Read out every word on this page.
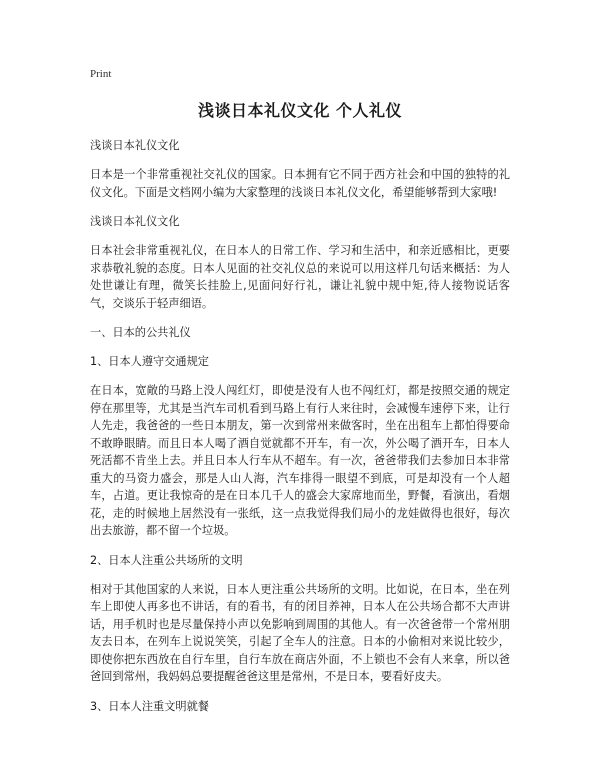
Print
浅谈日本礼仪文化 个人礼仪
浅谈日本礼仪文化
日本是一个非常重视社交礼仪的国家。日本拥有它不同于西方社会和中国的独特的礼仪文化。下面是文档网小编为大家整理的浅谈日本礼仪文化，希望能够帮到大家哦!
浅谈日本礼仪文化
日本社会非常重视礼仪，在日本人的日常工作、学习和生活中，和亲近感相比，更要求恭敬礼貌的态度。日本人见面的社交礼仪总的来说可以用这样几句话来概括：为人处世谦让有理，微笑长挂脸上,见面问好行礼，谦让礼貌中规中矩,待人接物说话客气，交谈乐于轻声细语。
一、日本的公共礼仪
1、日本人遵守交通规定
在日本，宽敞的马路上没人闯红灯，即使是没有人也不闯红灯，都是按照交通的规定停在那里等，尤其是当汽车司机看到马路上有行人来往时，会减慢车速停下来，让行人先走，我爸爸的一些日本朋友，第一次到常州来做客时，坐在出租车上都怕得要命不敢睁眼睛。而且日本人喝了酒自觉就都不开车，有一次，外公喝了酒开车，日本人死活都不肯坐上去。并且日本人行车从不超车。有一次，爸爸带我们去参加日本非常重大的马资力盛会，那是人山人海，汽车排得一眼望不到底，可是却没有一个人超车，占道。更让我惊奇的是在日本几千人的盛会大家席地而坐，野餐，看演出，看烟花，走的时候地上居然没有一张纸，这一点我觉得我们局小的龙娃做得也很好，每次出去旅游，都不留一个垃圾。
2、日本人注重公共场所的文明
相对于其他国家的人来说，日本人更注重公共场所的文明。比如说，在日本，坐在列车上即使人再多也不讲话，有的看书，有的闭目养神，日本人在公共场合都不大声讲话，用手机时也是尽量保持小声以免影响到周围的其他人。有一次爸爸带一个常州朋友去日本，在列车上说说笑笑，引起了全车人的注意。日本的小偷相对来说比较少，即使你把东西放在自行车里，自行车放在商店外面，不上锁也不会有人来拿，所以爸爸回到常州，我妈妈总要提醒爸爸这里是常州，不是日本，要看好皮夫。
3、日本人注重文明就餐
